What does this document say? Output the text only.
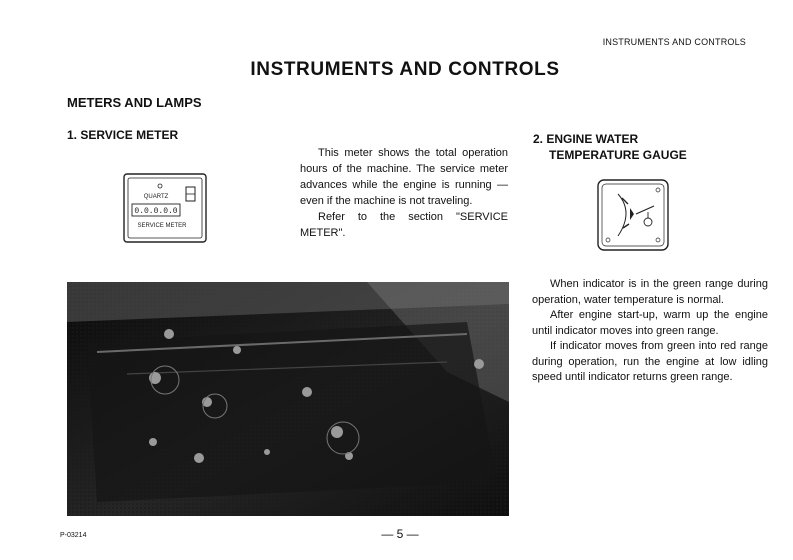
INSTRUMENTS AND CONTROLS
INSTRUMENTS AND CONTROLS
METERS AND LAMPS
1. SERVICE METER
QUARTZ
0.0.0.0.0
SERVICE METER

This meter shows the total operation hours of the machine. The service meter advances while the engine is running — even if the machine is not traveling.

Refer to the section "SERVICE METER".

2. ENGINE WATER
TEMPERATURE GAUGE

When indicator is in the green range during operation, water temperature is normal.

After engine start-up, warm up the engine until indicator moves into green range.

If indicator moves from green into red range during operation, run the engine at low idling speed until indicator returns green range.

P-03214	— 5 —
